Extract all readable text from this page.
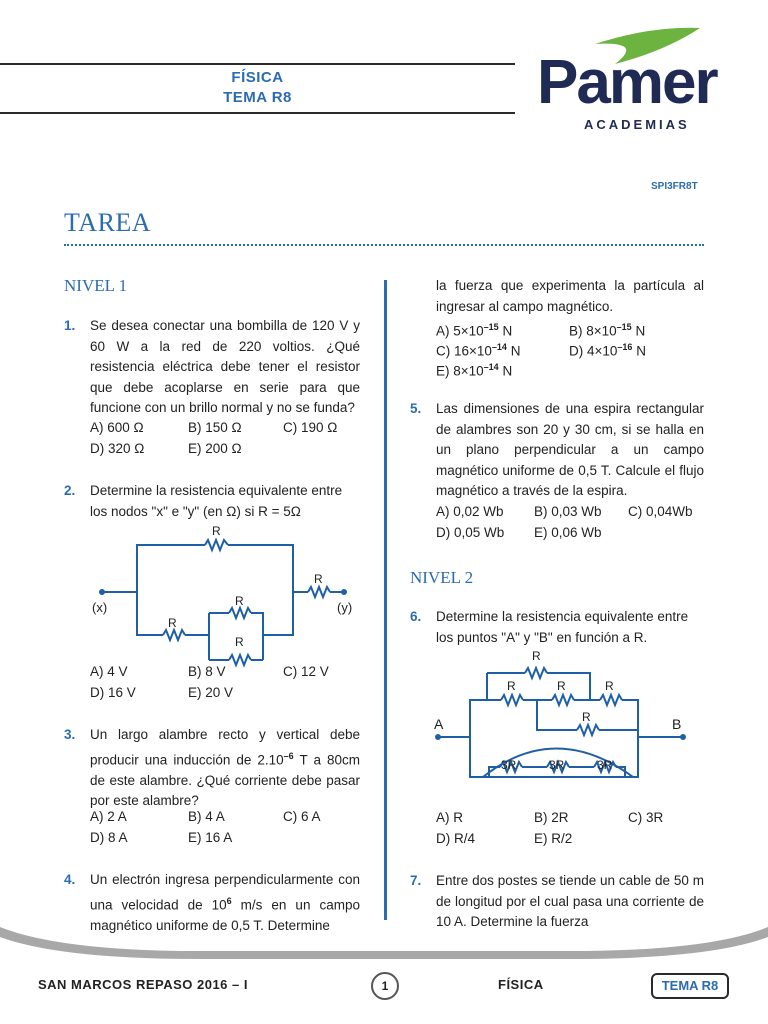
FÍSICA
TEMA R8	Pamer
ACADEMIAS
SPI3FR8T
TAREA
NIVEL 1
1. Se desea conectar una bombilla de 120 V y 60 W a la red de 220 voltios. ¿Qué resistencia eléctrica debe tener el resistor que debe acoplarse en serie para que funcione con un brillo normal y no se funda?
A) 600 Ω	B) 150 Ω	C) 190 Ω
D) 320 Ω	E) 200 Ω
2. Determine la resistencia equivalente entre los nodos "x" e "y" (en Ω) si R = 5Ω
R
R
R
R
R
(x)	(y)
A) 4 V	B) 8 V	C) 12 V
D) 16 V	E) 20 V
3. Un largo alambre recto y vertical debe producir una inducción de $2.10^{-6}$ T a 80cm de este alambre. ¿Qué corriente debe pasar por este alambre?
A) 2 A	B) 4 A	C) 6 A
D) 8 A	E) 16 A
4. Un electrón ingresa perpendicularmente con una velocidad de $10^6$ m/s en un campo magnético uniforme de 0,5 T. Determine
la fuerza que experimenta la partícula al ingresar al campo magnético.
A) $5\times 10^{-15}$ N	B) $8\times 10^{-15}$ N
C) $16\times 10^{-14}$ N	D) $4\times 10^{-16}$ N
E) $8\times 10^{-14}$ N
5. Las dimensiones de una espira rectangular de alambres son 20 y 30 cm, si se halla en un plano perpendicular a un campo magnético uniforme de 0,5 T. Calcule el flujo magnético a través de la espira.
A) 0,02 Wb B) 0,03 Wb C) 0,04Wb
D) 0,05 Wb E) 0,06 Wb
NIVEL 2
6. Determine la resistencia equivalente entre los puntos "A" y "B" en función a R.
R
R	R	R
R
3R	3R	3R
A	B
A) R	B) 2R	C) 3R
D) R/4	E) R/2
7. Entre dos postes se tiende un cable de 50 m de longitud por el cual pasa una corriente de 10 A. Determine la fuerza
SAN MARCOS REPASO 2016 – I	1	FÍSICA	TEMA R8
